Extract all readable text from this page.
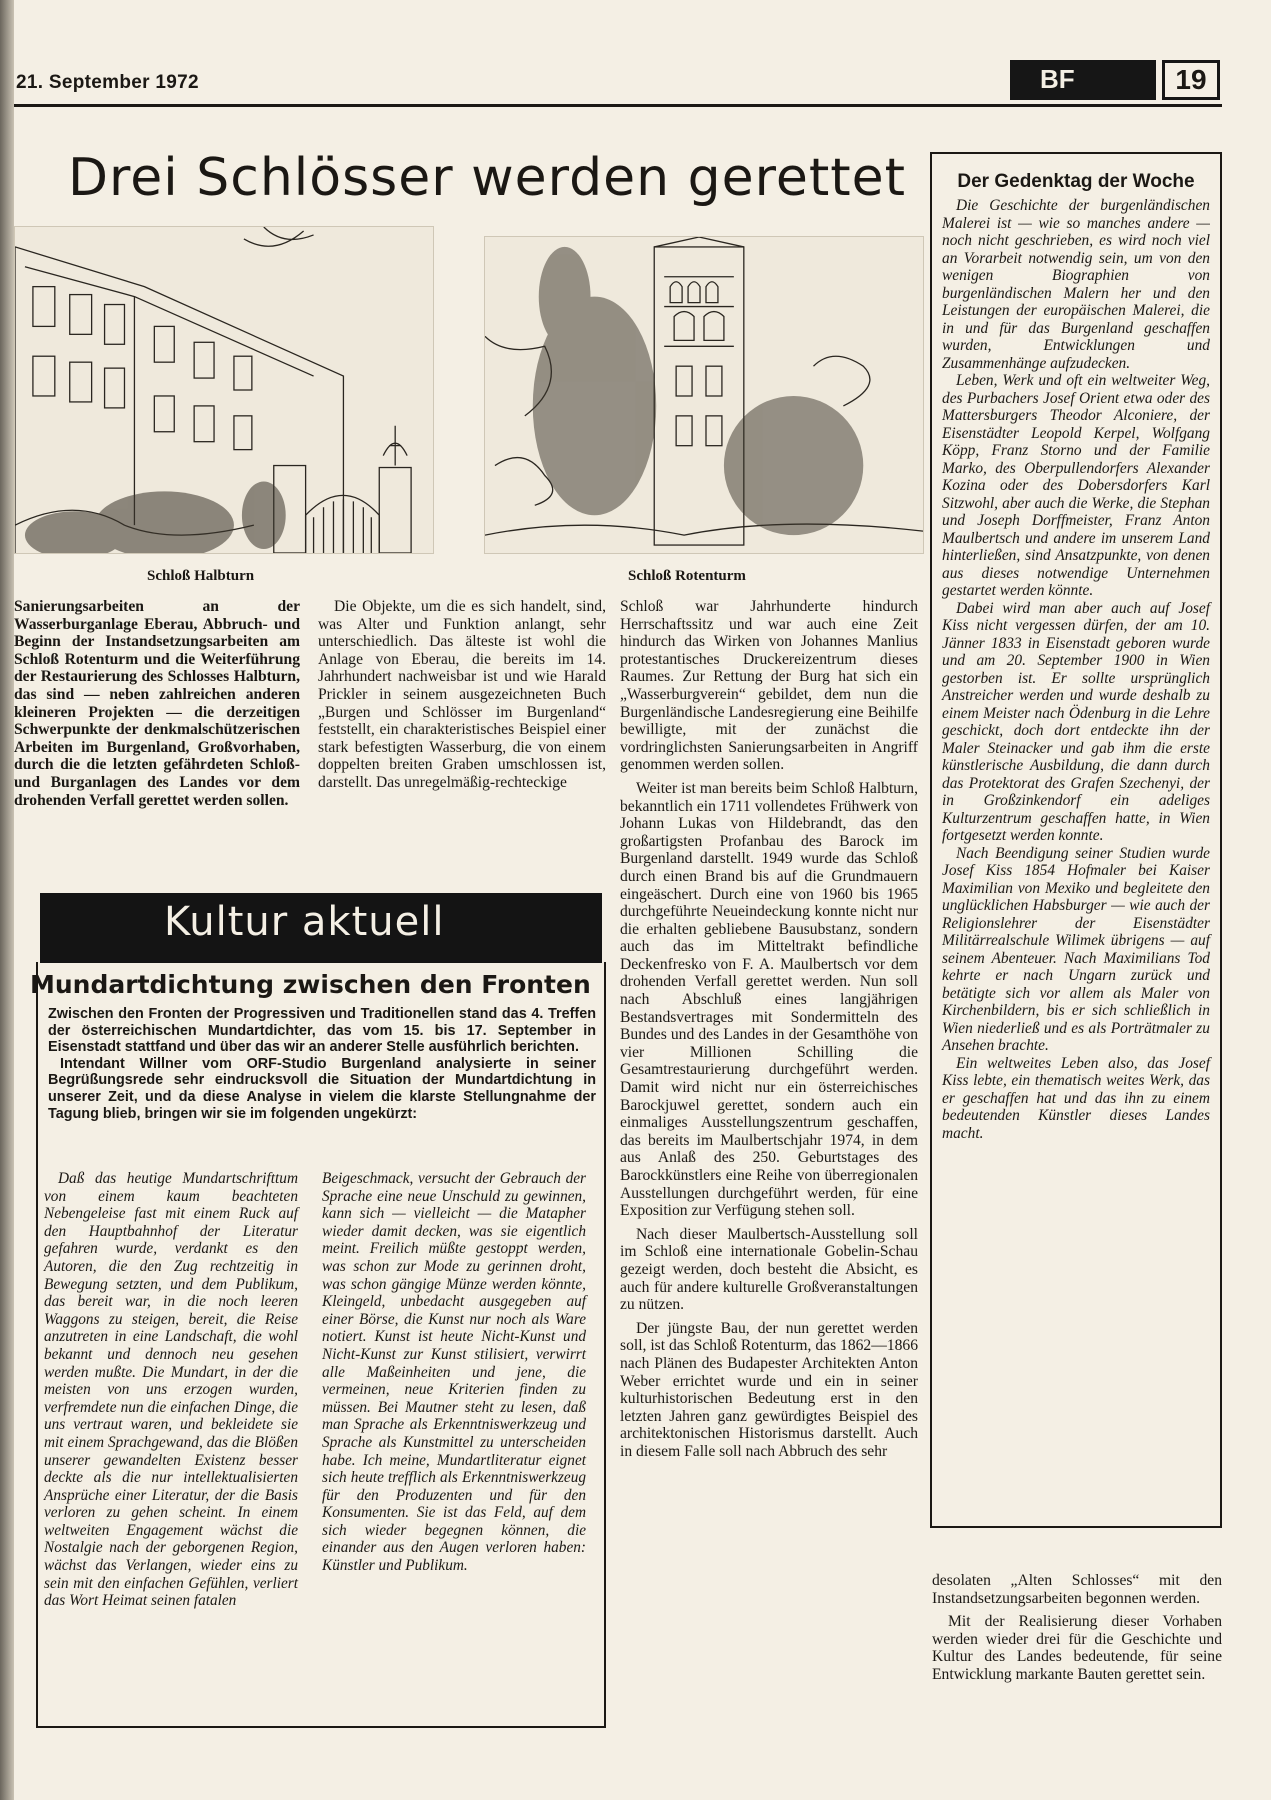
21. September 1972	BF	19
Drei Schlösser werden gerettet
Schloß Halbturn	Schloß Rotenturm

Sanierungsarbeiten an der Wasserburganlage Eberau, Abbruch- und Beginn der Instandsetzungsarbeiten am Schloß Rotenturm und die Weiterführung der Restaurierung des Schlosses Halbturn, das sind — neben zahlreichen anderen kleineren Projekten — die derzeitigen Schwerpunkte der denkmalschützerischen Arbeiten im Burgenland, Großvorhaben, durch die die letzten gefährdeten Schloß- und Burganlagen des Landes vor dem drohenden Verfall gerettet werden sollen.

Die Objekte, um die es sich handelt, sind, was Alter und Funktion anlangt, sehr unterschiedlich. Das älteste ist wohl die Anlage von Eberau, die bereits im 14. Jahrhundert nachweisbar ist und wie Harald Prickler in seinem ausgezeichneten Buch „Burgen und Schlösser im Burgenland“ feststellt, ein charakteristisches Beispiel einer stark befestigten Wasserburg, die von einem doppelten breiten Graben umschlossen ist, darstellt. Das unregelmäßig-rechteckige

Schloß war Jahrhunderte hindurch Herrschaftssitz und war auch eine Zeit hindurch das Wirken von Johannes Manlius protestantisches Druckereizentrum dieses Raumes. Zur Rettung der Burg hat sich ein „Wasserburgverein“ gebildet, dem nun die Burgenländische Landesregierung eine Beihilfe bewilligte, mit der zunächst die vordringlichsten Sanierungsarbeiten in Angriff genommen werden sollen.

Weiter ist man bereits beim Schloß Halbturn, bekanntlich ein 1711 vollendetes Frühwerk von Johann Lukas von Hildebrandt, das den großartigsten Profanbau des Barock im Burgenland darstellt. 1949 wurde das Schloß durch einen Brand bis auf die Grundmauern eingeäschert. Durch eine von 1960 bis 1965 durchgeführte Neueindeckung konnte nicht nur die erhalten gebliebene Bausubstanz, sondern auch das im Mitteltrakt befindliche Deckenfresko von F. A. Maulbertsch vor dem drohenden Verfall gerettet werden. Nun soll nach Abschluß eines langjährigen Bestandsvertrages mit Sondermitteln des Bundes und des Landes in der Gesamthöhe von vier Millionen Schilling die Gesamtrestaurierung durchgeführt werden. Damit wird nicht nur ein österreichisches Barockjuwel gerettet, sondern auch ein einmaliges Ausstellungszentrum geschaffen, das bereits im Maulbertschjahr 1974, in dem aus Anlaß des 250. Geburtstages des Barockkünstlers eine Reihe von überregionalen Ausstellungen durchgeführt werden, für eine Exposition zur Verfügung stehen soll.

Nach dieser Maulbertsch-Ausstellung soll im Schloß eine internationale Gobelin-Schau gezeigt werden, doch besteht die Absicht, es auch für andere kulturelle Großveranstaltungen zu nützen.

Der jüngste Bau, der nun gerettet werden soll, ist das Schloß Rotenturm, das 1862—1866 nach Plänen des Budapester Architekten Anton Weber errichtet wurde und ein in seiner kulturhistorischen Bedeutung erst in den letzten Jahren ganz gewürdigtes Beispiel des architektonischen Historismus darstellt. Auch in diesem Falle soll nach Abbruch des sehr

desolaten „Alten Schlosses“ mit den Instandsetzungsarbeiten begonnen werden.

Mit der Realisierung dieser Vorhaben werden wieder drei für die Geschichte und Kultur des Landes bedeutende, für seine Entwicklung markante Bauten gerettet sein.

Der Gedenktag der Woche

Die Geschichte der burgenländischen Malerei ist — wie so manches andere — noch nicht geschrieben, es wird noch viel an Vorarbeit notwendig sein, um von den wenigen Biographien von burgenländischen Malern her und den Leistungen der europäischen Malerei, die in und für das Burgenland geschaffen wurden, Entwicklungen und Zusammenhänge aufzudecken.

Leben, Werk und oft ein weltweiter Weg, des Purbachers Josef Orient etwa oder des Mattersburgers Theodor Alconiere, der Eisenstädter Leopold Kerpel, Wolfgang Köpp, Franz Storno und der Familie Marko, des Oberpullendorfers Alexander Kozina oder des Dobersdorfers Karl Sitzwohl, aber auch die Werke, die Stephan und Joseph Dorffmeister, Franz Anton Maulbertsch und andere im unserem Land hinterließen, sind Ansatzpunkte, von denen aus dieses notwendige Unternehmen gestartet werden könnte.

Dabei wird man aber auch auf Josef Kiss nicht vergessen dürfen, der am 10. Jänner 1833 in Eisenstadt geboren wurde und am 20. September 1900 in Wien gestorben ist. Er sollte ursprünglich Anstreicher werden und wurde deshalb zu einem Meister nach Ödenburg in die Lehre geschickt, doch dort entdeckte ihn der Maler Steinacker und gab ihm die erste künstlerische Ausbildung, die dann durch das Protektorat des Grafen Szechenyi, der in Großzinkendorf ein adeliges Kulturzentrum geschaffen hatte, in Wien fortgesetzt werden konnte.

Nach Beendigung seiner Studien wurde Josef Kiss 1854 Hofmaler bei Kaiser Maximilian von Mexiko und begleitete den unglücklichen Habsburger — wie auch der Religionslehrer der Eisenstädter Militärrealschule Wilimek übrigens — auf seinem Abenteuer. Nach Maximilians Tod kehrte er nach Ungarn zurück und betätigte sich vor allem als Maler von Kirchenbildern, bis er sich schließlich in Wien niederließ und es als Porträtmaler zu Ansehen brachte.

Ein weltweites Leben also, das Josef Kiss lebte, ein thematisch weites Werk, das er geschaffen hat und das ihn zu einem bedeutenden Künstler dieses Landes macht.

Kultur aktuell
Mundartdichtung zwischen den Fronten

Zwischen den Fronten der Progressiven und Traditionellen stand das 4. Treffen der österreichischen Mundartdichter, das vom 15. bis 17. September in Eisenstadt stattfand und über das wir an anderer Stelle ausführlich berichten.

Intendant Willner vom ORF-Studio Burgenland analysierte in seiner Begrüßungsrede sehr eindrucksvoll die Situation der Mundartdichtung in unserer Zeit, und da diese Analyse in vielem die klarste Stellungnahme der Tagung blieb, bringen wir sie im folgenden ungekürzt:

Daß das heutige Mundartschrifttum von einem kaum beachteten Nebengeleise fast mit einem Ruck auf den Hauptbahnhof der Literatur gefahren wurde, verdankt es den Autoren, die den Zug rechtzeitig in Bewegung setzten, und dem Publikum, das bereit war, in die noch leeren Waggons zu steigen, bereit, die Reise anzutreten in eine Landschaft, die wohl bekannt und dennoch neu gesehen werden mußte. Die Mundart, in der die meisten von uns erzogen wurden, verfremdete nun die einfachen Dinge, die uns vertraut waren, und bekleidete sie mit einem Sprachgewand, das die Blößen unserer gewandelten Existenz besser deckte als die nur intellektualisierten Ansprüche einer Literatur, der die Basis verloren zu gehen scheint. In einem weltweiten Engagement wächst die Nostalgie nach der geborgenen Region, wächst das Verlangen, wieder eins zu sein mit den einfachen Gefühlen, verliert das Wort Heimat seinen fatalen

Beigeschmack, versucht der Gebrauch der Sprache eine neue Unschuld zu gewinnen, kann sich — vielleicht — die Matapher wieder damit decken, was sie eigentlich meint. Freilich müßte gestoppt werden, was schon zur Mode zu gerinnen droht, was schon gängige Münze werden könnte, Kleingeld, unbedacht ausgegeben auf einer Börse, die Kunst nur noch als Ware notiert. Kunst ist heute Nicht-Kunst und Nicht-Kunst zur Kunst stilisiert, verwirrt alle Maßeinheiten und jene, die vermeinen, neue Kriterien finden zu müssen. Bei Mautner steht zu lesen, daß man Sprache als Erkenntniswerkzeug und Sprache als Kunstmittel zu unterscheiden habe. Ich meine, Mundartliteratur eignet sich heute trefflich als Erkenntniswerkzeug für den Produzenten und für den Konsumenten. Sie ist das Feld, auf dem sich wieder begegnen können, die einander aus den Augen verloren haben: Künstler und Publikum.
